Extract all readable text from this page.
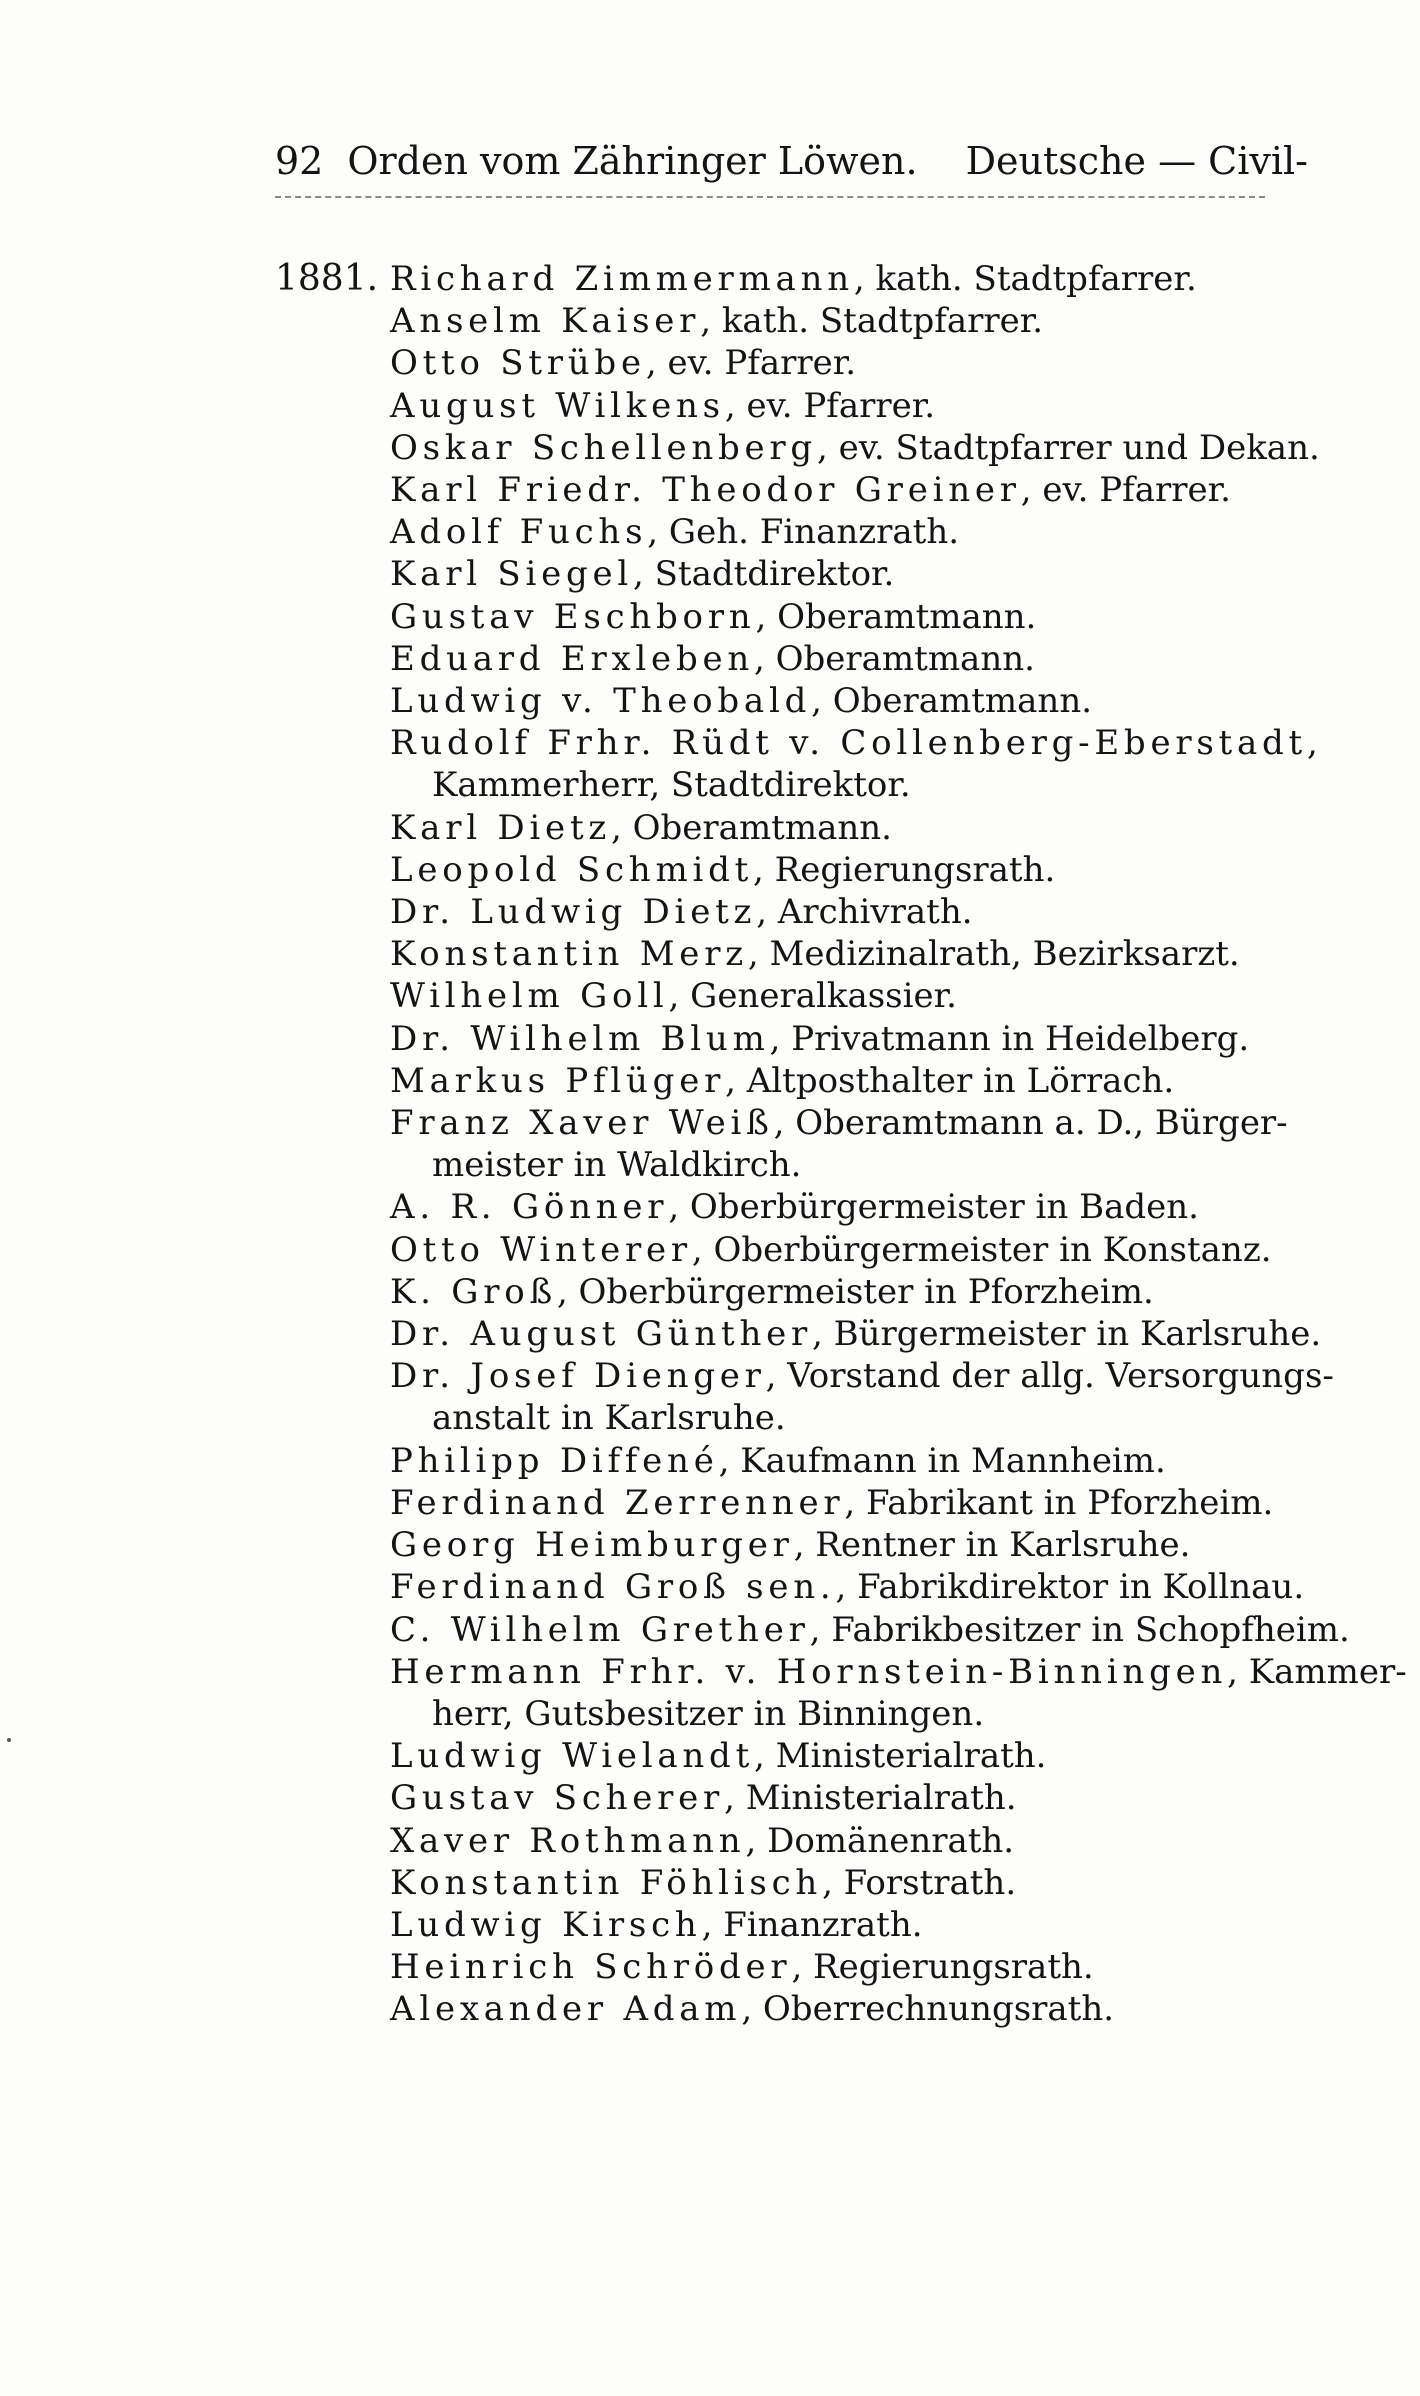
92 Orden vom Zähringer Löwen. Deutsche — Civil-
1881. Richard Zimmermann, kath. Stadtpfarrer.
Anselm Kaiser, kath. Stadtpfarrer.
Otto Strübe, ev. Pfarrer.
August Wilkens, ev. Pfarrer.
Oskar Schellenberg, ev. Stadtpfarrer und Dekan.
Karl Friedr. Theodor Greiner, ev. Pfarrer.
Adolf Fuchs, Geh. Finanzrath.
Karl Siegel, Stadtdirektor.
Gustav Eschborn, Oberamtmann.
Eduard Erxleben, Oberamtmann.
Ludwig v. Theobald, Oberamtmann.
Rudolf Frhr. Rüdt v. Collenberg-Eberstadt,
Kammerherr, Stadtdirektor.
Karl Dietz, Oberamtmann.
Leopold Schmidt, Regierungsrath.
Dr. Ludwig Dietz, Archivrath.
Konstantin Merz, Medizinalrath, Bezirksarzt.
Wilhelm Goll, Generalkassier.
Dr. Wilhelm Blum, Privatmann in Heidelberg.
Markus Pflüger, Altposthalter in Lörrach.
Franz Xaver Weiß, Oberamtmann a. D., Bürger-
meister in Waldkirch.
A. R. Gönner, Oberbürgermeister in Baden.
Otto Winterer, Oberbürgermeister in Konstanz.
K. Groß, Oberbürgermeister in Pforzheim.
Dr. August Günther, Bürgermeister in Karlsruhe.
Dr. Josef Dienger, Vorstand der allg. Versorgungs-
anstalt in Karlsruhe.
Philipp Diffené, Kaufmann in Mannheim.
Ferdinand Zerrenner, Fabrikant in Pforzheim.
Georg Heimburger, Rentner in Karlsruhe.
Ferdinand Groß sen., Fabrikdirektor in Kollnau.
C. Wilhelm Grether, Fabrikbesitzer in Schopfheim.
Hermann Frhr. v. Hornstein-Binningen, Kammer-
herr, Gutsbesitzer in Binningen.
Ludwig Wielandt, Ministerialrath.
Gustav Scherer, Ministerialrath.
Xaver Rothmann, Domänenrath.
Konstantin Föhlisch, Forstrath.
Ludwig Kirsch, Finanzrath.
Heinrich Schröder, Regierungsrath.
Alexander Adam, Oberrechnungsrath.
